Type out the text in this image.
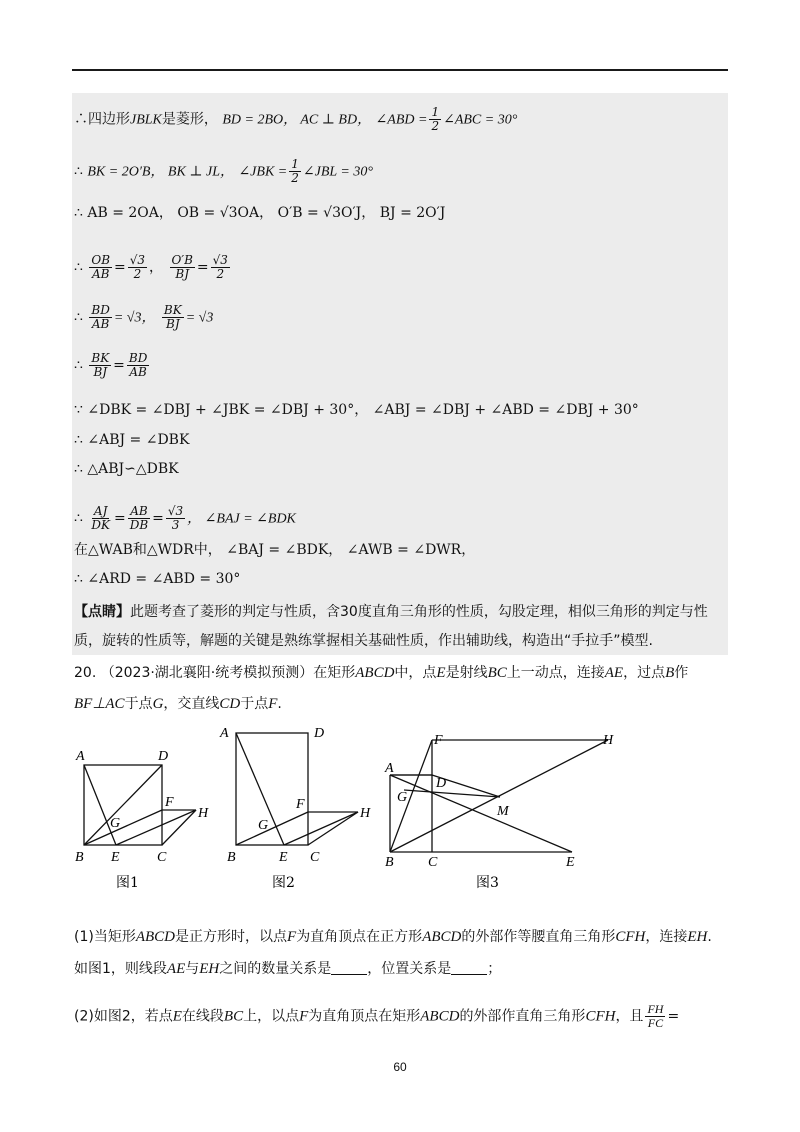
∴四边形JBLK是菱形， BD = 2BO， AC ⊥ BD， ∠ABD = $\frac{1}{2}$ ∠ABC = 30°
∴ BK = 2O′B， BK ⊥ JL， ∠JBK = $\frac{1}{2}$ ∠JBL = 30°
∴ AB = 2OA， OB = √3OA， O′B = √3O′J， BJ = 2O′J
∴ $\frac{OB}{AB} = \frac{√3}{2}$ ， $\frac{O'B}{BJ} = \frac{√3}{2}$
∴ $\frac{BD}{AB} = √3$， $\frac{BK}{BJ} = √3$
∴ $\frac{BK}{BJ} = \frac{BD}{AB}$
∵ ∠DBK = ∠DBJ + ∠JBK = ∠DBJ + 30°， ∠ABJ = ∠DBJ + ∠ABD = ∠DBJ + 30°
∴ ∠ABJ = ∠DBK
∴ △ABJ∽△DBK
∴ $\frac{AJ}{DK} = \frac{AB}{DB} = \frac{√3}{3}$ ， ∠BAJ = ∠BDK
在△WAB和△WDR中， ∠BAJ = ∠BDK， ∠AWB = ∠DWR，
∴ ∠ARD = ∠ABD = 30°
【点睛】此题考查了菱形的判定与性质，含30度直角三角形的性质，勾股定理，相似三角形的判定与性质，旋转的性质等，解题的关键是熟练掌握相关基础性质，作出辅助线，构造出“手拉手”模型.
20. （2023·湖北襄阳·统考模拟预测）在矩形ABCD中，点E是射线BC上一动点，连接AE，过点B作
BF⊥AC于点G，交直线CD于点F.
A	D
F
H
G
B E	C
图1
A	D
F
H
G
B	E C
图2
F	H
A
D
G
M
B C	E
图3
(1)当矩形ABCD是正方形时，以点F为直角顶点在正方形ABCD的外部作等腰直角三角形CFH，连接EH.
如图1，则线段AE与EH之间的数量关系是	，位置关系是	；
(2)如图2，若点E在线段BC上，以点F为直角顶点在矩形ABCD的外部作直角三角形CFH，且 $\frac{FH}{FC}$ =
60
